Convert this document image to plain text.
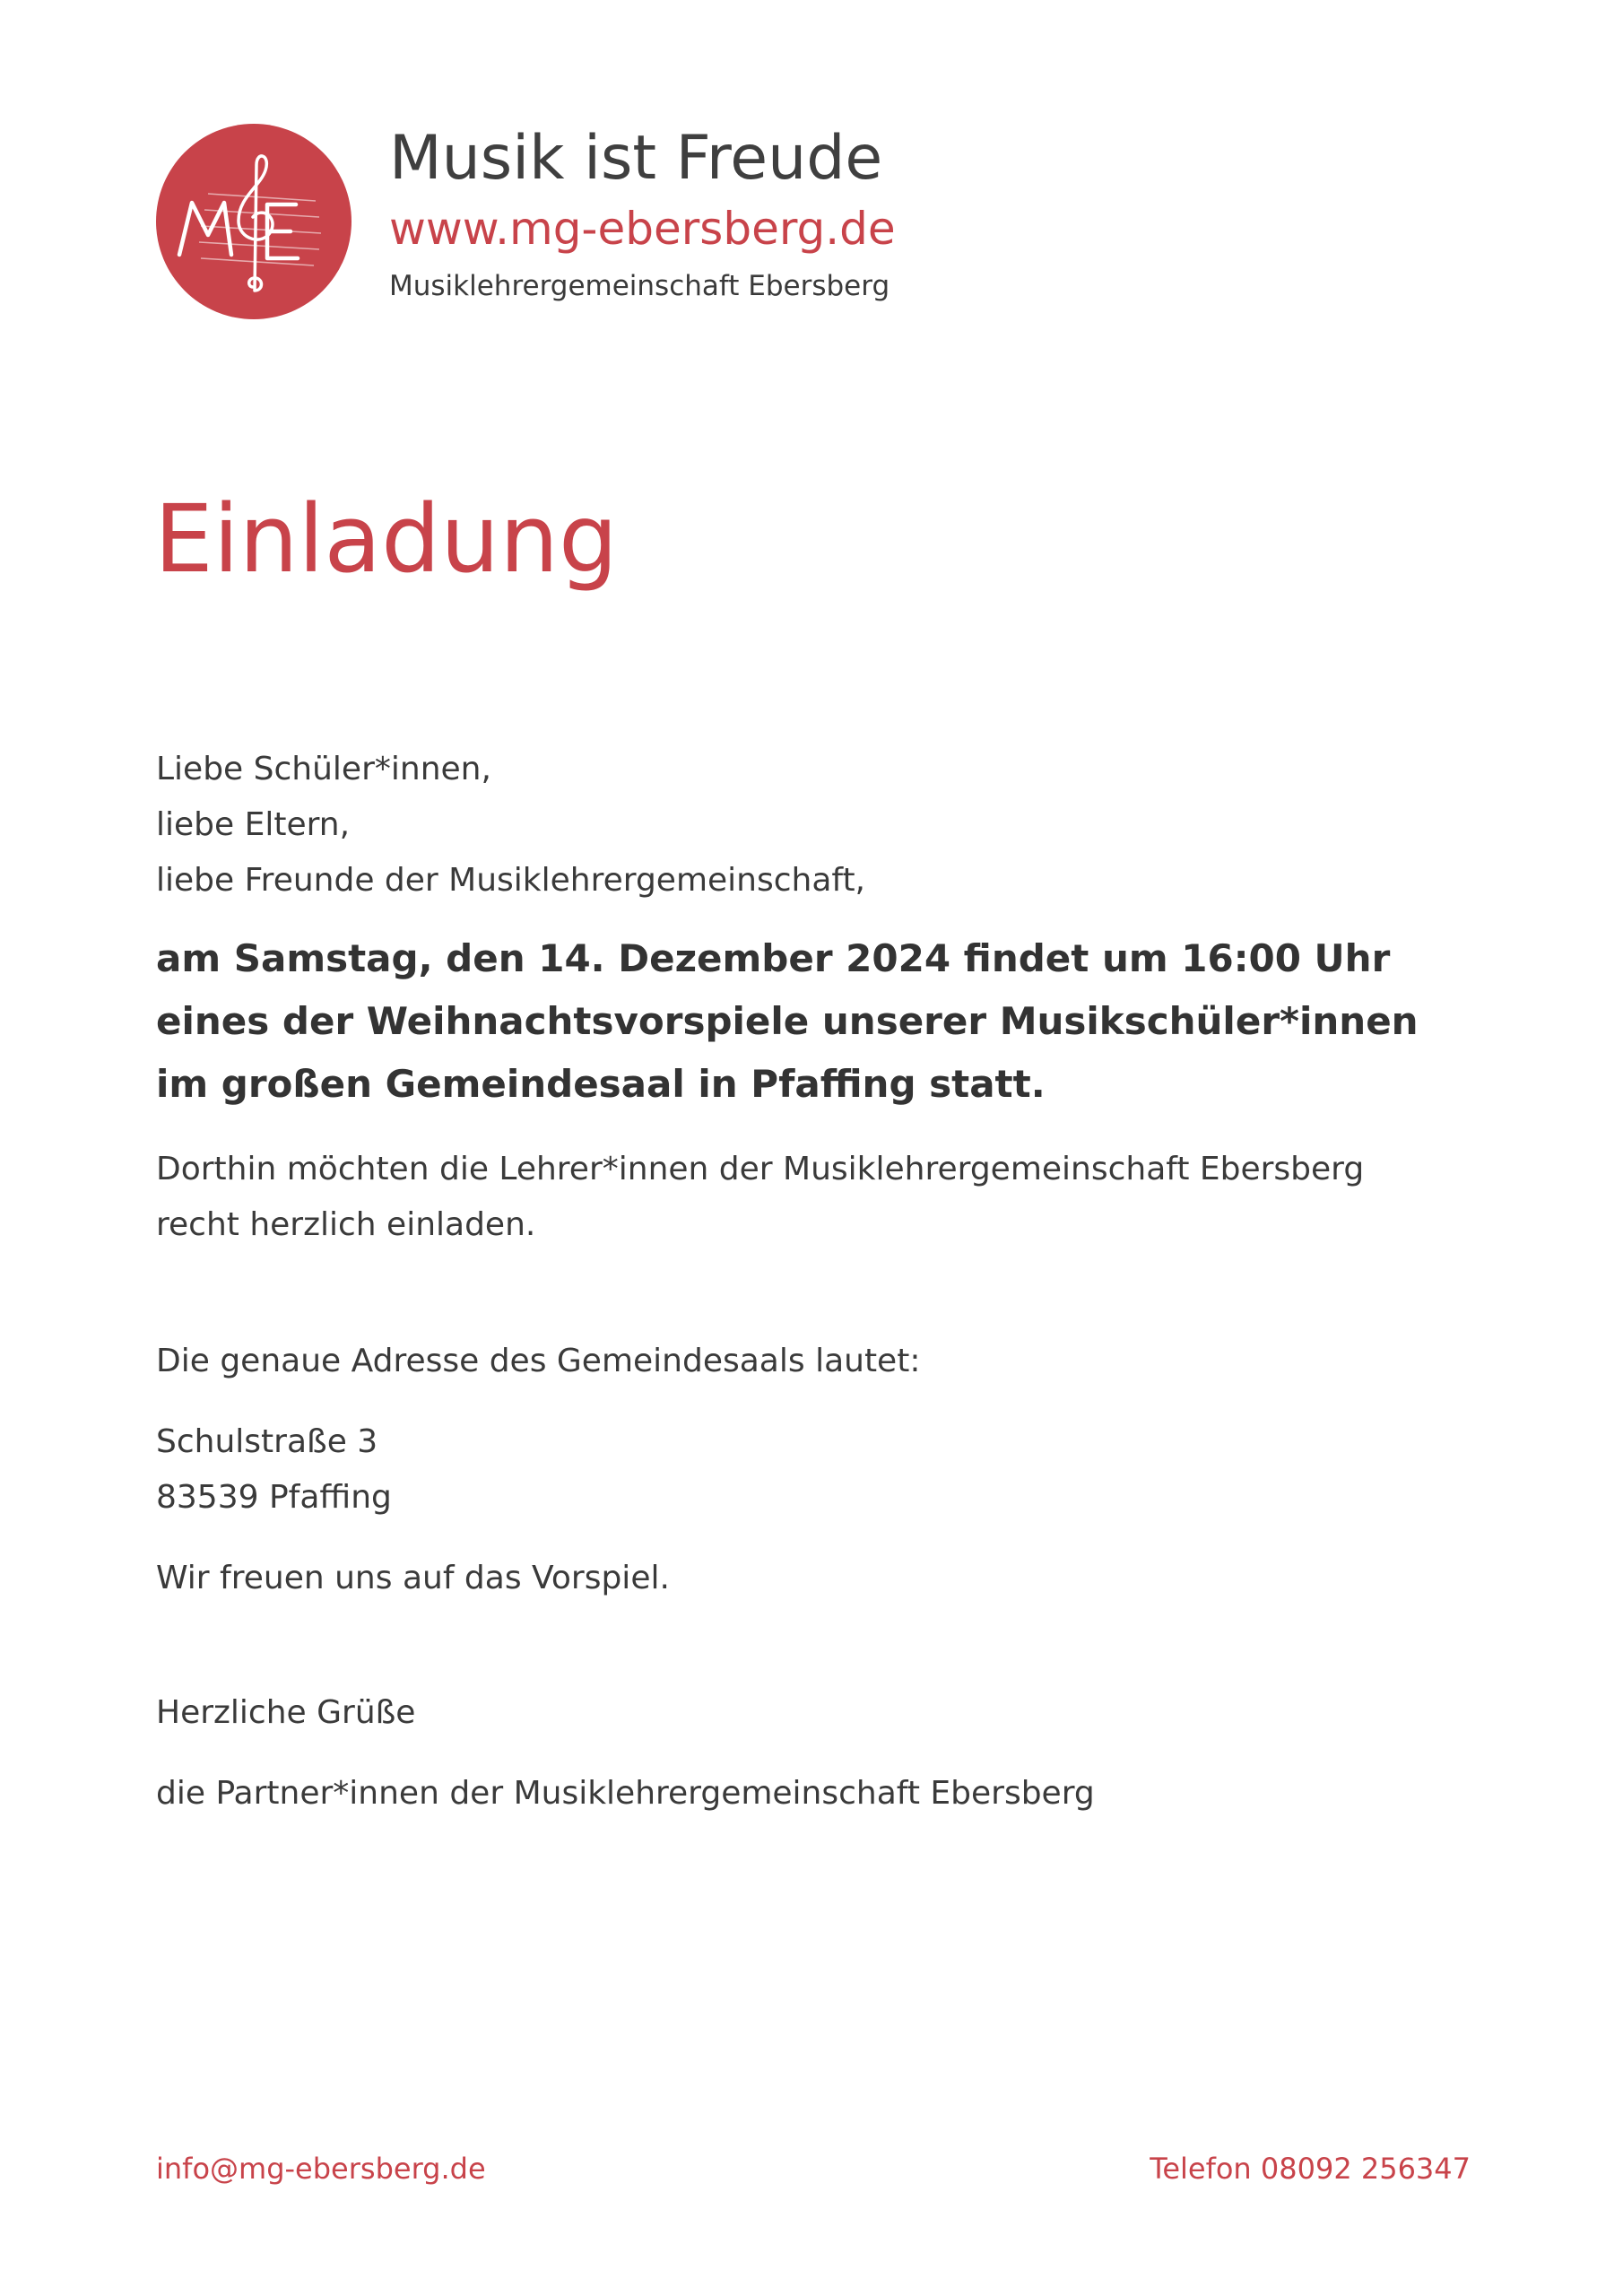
Musik ist Freude
www.mg-ebersberg.de
Musiklehrergemeinschaft Ebersberg
Einladung
Liebe Schüler*innen,
liebe Eltern,
liebe Freunde der Musiklehrergemeinschaft,
am Samstag, den 14. Dezember 2024 findet um 16:00 Uhr
eines der Weihnachtsvorspiele unserer Musikschüler*innen
im großen Gemeindesaal in Pfaffing statt.
Dorthin möchten die Lehrer*innen der Musiklehrergemeinschaft Ebersberg
recht herzlich einladen.
Die genaue Adresse des Gemeindesaals lautet:
Schulstraße 3
83539 Pfaffing
Wir freuen uns auf das Vorspiel.
Herzliche Grüße
die Partner*innen der Musiklehrergemeinschaft Ebersberg
info@mg-ebersberg.de	Telefon 08092 256347
